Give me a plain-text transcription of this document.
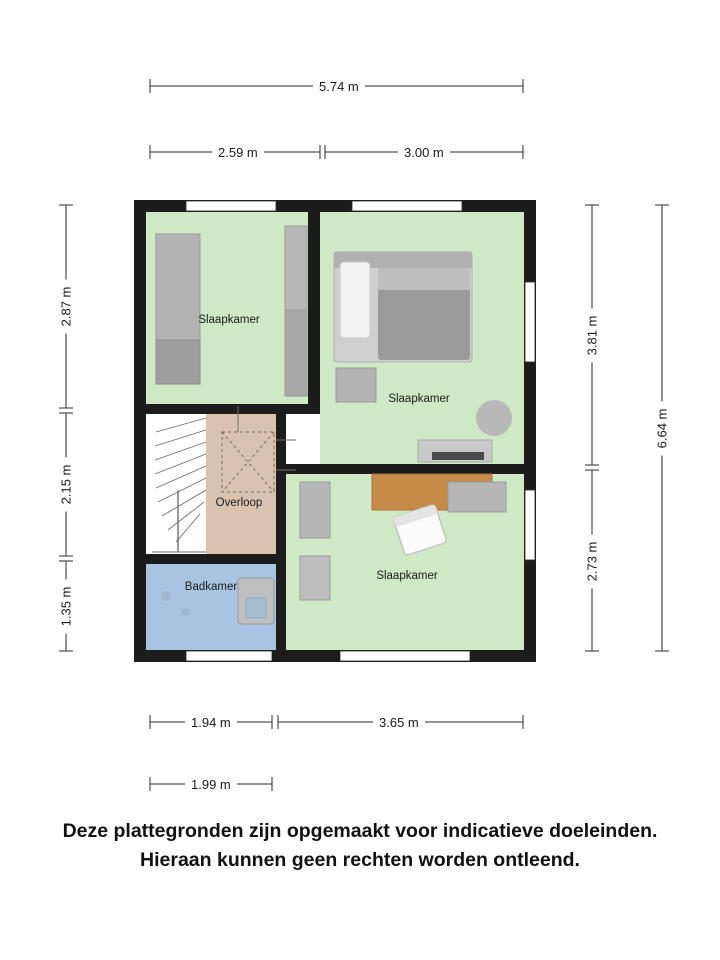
5.74 m
2.59 m	3.00 m
2.87 m
2.15 m
1.35 m
3.81 m
2.73 m
6.64 m
1.94 m	3.65 m
1.99 m
Slaapkamer
Slaapkamer
Overloop
Badkamer
Slaapkamer
Deze plattegronden zijn opgemaakt voor indicatieve doeleinden.
Hieraan kunnen geen rechten worden ontleend.
